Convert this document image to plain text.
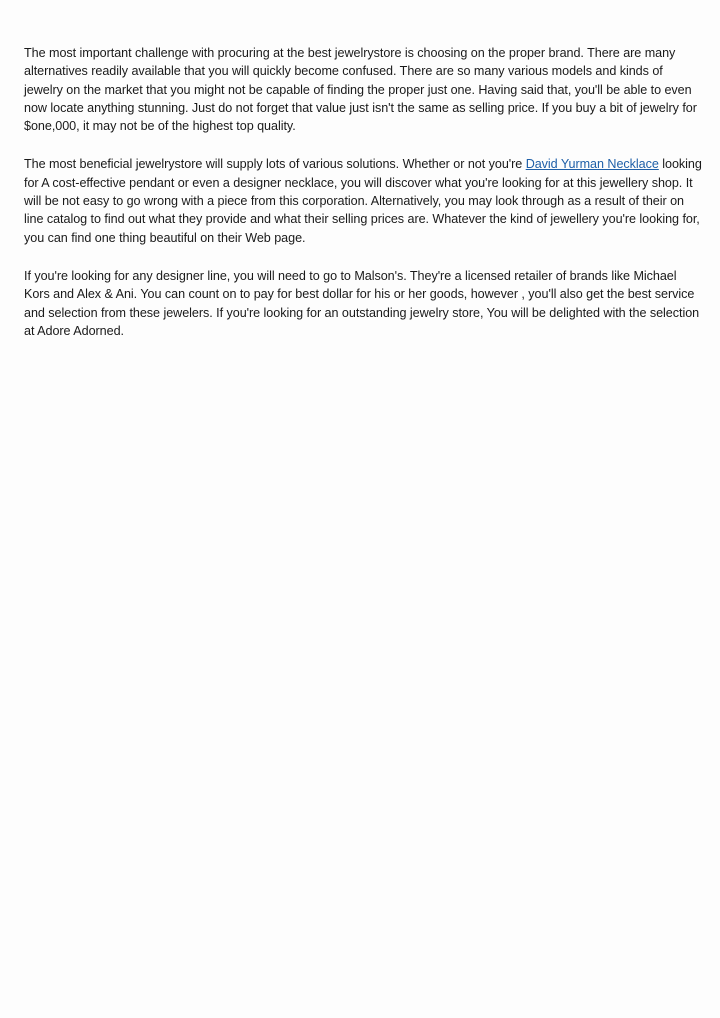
The most important challenge with procuring at the best jewelrystore is choosing on the proper brand. There are many alternatives readily available that you will quickly become confused. There are so many various models and kinds of jewelry on the market that you might not be capable of finding the proper just one. Having said that, you'll be able to even now locate anything stunning. Just do not forget that value just isn't the same as selling price. If you buy a bit of jewelry for $one,000, it may not be of the highest top quality.

The most beneficial jewelrystore will supply lots of various solutions. Whether or not you're David Yurman Necklace looking for A cost-effective pendant or even a designer necklace, you will discover what you're looking for at this jewellery shop. It will be not easy to go wrong with a piece from this corporation. Alternatively, you may look through as a result of their on line catalog to find out what they provide and what their selling prices are. Whatever the kind of jewellery you're looking for, you can find one thing beautiful on their Web page.

If you're looking for any designer line, you will need to go to Malson's. They're a licensed retailer of brands like Michael Kors and Alex & Ani. You can count on to pay for best dollar for his or her goods, however , you'll also get the best service and selection from these jewelers. If you're looking for an outstanding jewelry store, You will be delighted with the selection at Adore Adorned.
